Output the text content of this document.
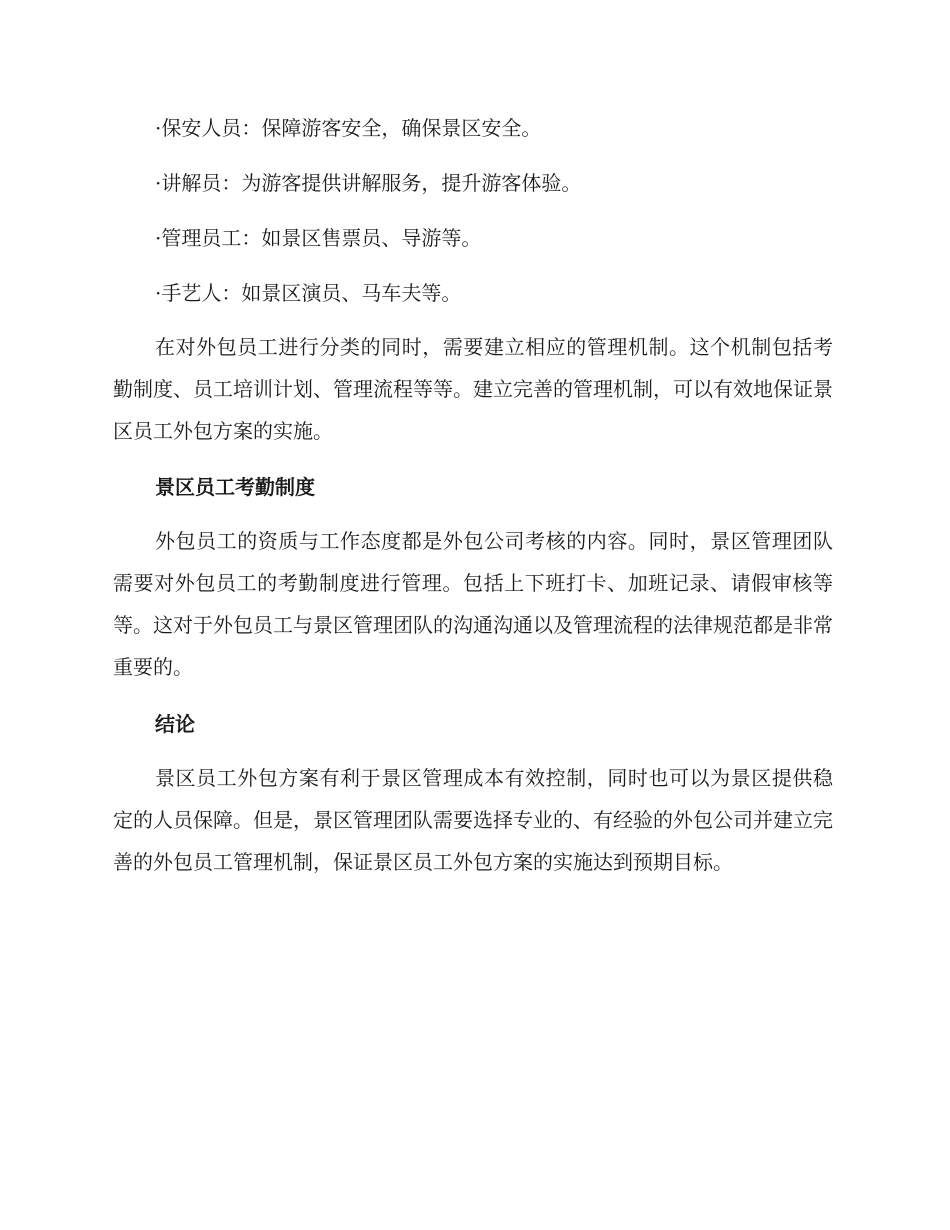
·保安人员：保障游客安全，确保景区安全。
·讲解员：为游客提供讲解服务，提升游客体验。
·管理员工：如景区售票员、导游等。
·手艺人：如景区演员、马车夫等。

在对外包员工进行分类的同时，需要建立相应的管理机制。这个机制包括考勤制度、员工培训计划、管理流程等等。建立完善的管理机制，可以有效地保证景区员工外包方案的实施。

景区员工考勤制度

外包员工的资质与工作态度都是外包公司考核的内容。同时，景区管理团队需要对外包员工的考勤制度进行管理。包括上下班打卡、加班记录、请假审核等等。这对于外包员工与景区管理团队的沟通沟通以及管理流程的法律规范都是非常重要的。

结论

景区员工外包方案有利于景区管理成本有效控制，同时也可以为景区提供稳定的人员保障。但是，景区管理团队需要选择专业的、有经验的外包公司并建立完善的外包员工管理机制，保证景区员工外包方案的实施达到预期目标。
